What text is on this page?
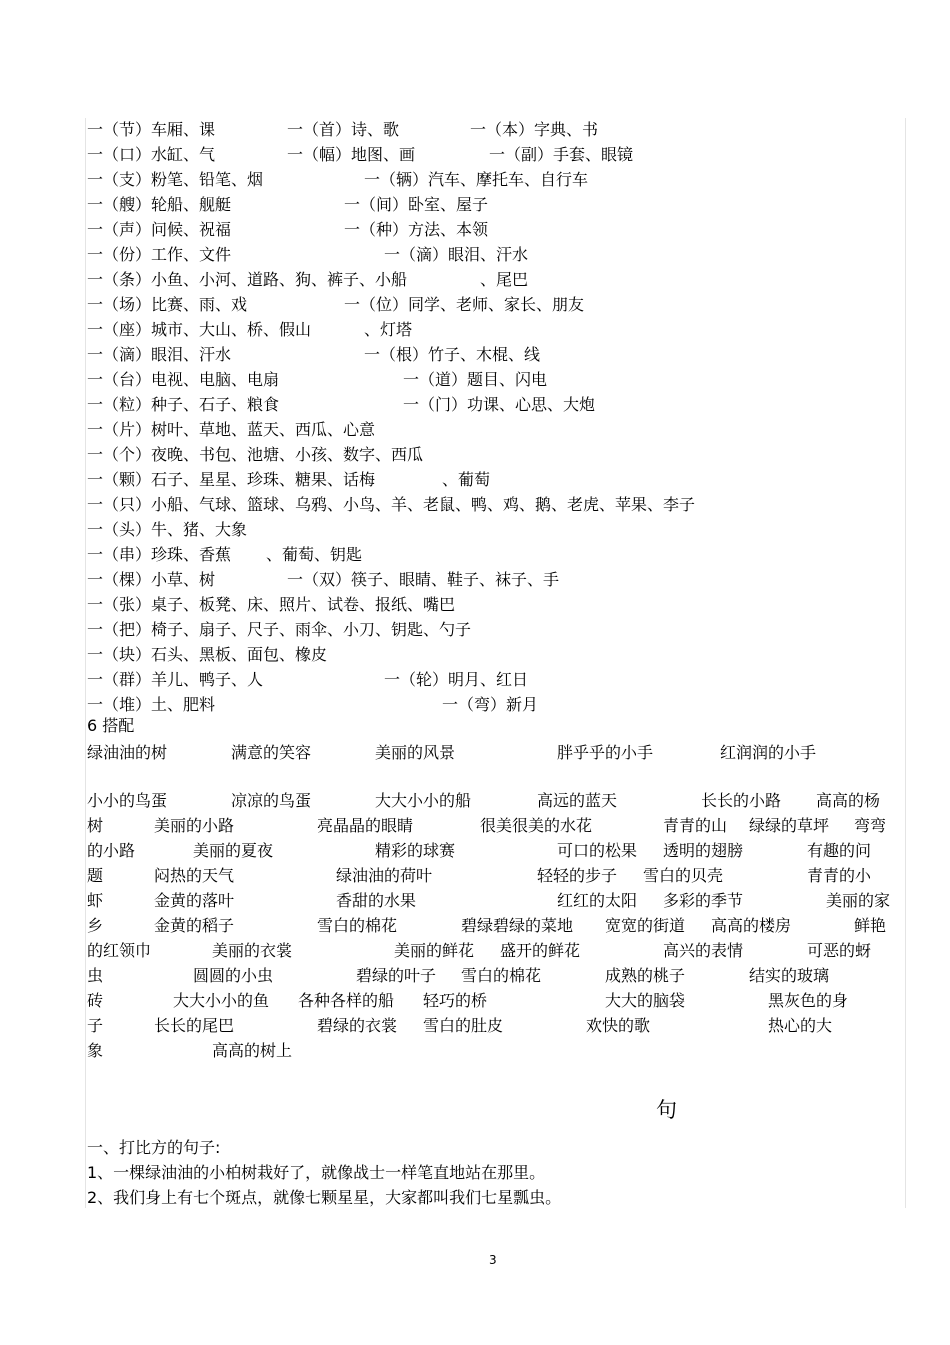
一（节）车厢、课	一（首）诗、歌	一（本）字典、书
一（口）水缸、气	一（幅）地图、画	一（副）手套、眼镜
一（支）粉笔、铅笔、烟	一（辆）汽车、摩托车、自行车
一（艘）轮船、舰艇	一（间）卧室、屋子
一（声）问候、祝福	一（种）方法、本领
一（份）工作、文件	一（滴）眼泪、汗水
一（条）小鱼、小河、道路、狗、裤子、小船	、尾巴
一（场）比赛、雨、戏	一（位）同学、老师、家长、朋友
一（座）城市、大山、桥、假山	、灯塔
一（滴）眼泪、汗水	一（根）竹子、木棍、线
一（台）电视、电脑、电扇	一（道）题目、闪电
一（粒）种子、石子、粮食	一（门）功课、心思、大炮
一（片）树叶、草地、蓝天、西瓜、心意
一（个）夜晚、书包、池塘、小孩、数字、西瓜
一（颗）石子、星星、珍珠、糖果、话梅	、葡萄
一（只）小船、气球、篮球、乌鸦、小鸟、羊、老鼠、鸭、鸡、鹅、老虎、苹果、李子
一（头）牛、猪、大象
一（串）珍珠、香蕉 、葡萄、钥匙
一（棵）小草、树	一（双）筷子、眼睛、鞋子、袜子、手
一（张）桌子、板凳、床、照片、试卷、报纸、嘴巴
一（把）椅子、扇子、尺子、雨伞、小刀、钥匙、勺子
一（块）石头、黑板、面包、橡皮
一（群）羊儿、鸭子、人	一（轮）明月、红日
一（堆）土、肥料	一（弯）新月
6 搭配
绿油油的树	满意的笑容	美丽的风景	胖乎乎的小手	红润润的小手
小小的鸟蛋	凉凉的鸟蛋	大大小小的船	高远的蓝天	长长的小路 高高的杨
树	美丽的小路	亮晶晶的眼睛	很美很美的水花	青青的山 绿绿的草坪 弯弯
的小路	美丽的夏夜	精彩的球赛	可口的松果 透明的翅膀	有趣的问
题	闷热的天气	绿油油的荷叶	轻轻的步子 雪白的贝壳	青青的小
虾	金黄的落叶	香甜的水果	红红的太阳 多彩的季节	美丽的家
乡	金黄的稻子	雪白的棉花	碧绿碧绿的菜地 宽宽的街道 高高的楼房	鲜艳
的红领巾	美丽的衣裳	美丽的鲜花 盛开的鲜花	高兴的表情	可恶的蚜
虫	圆圆的小虫	碧绿的叶子 雪白的棉花	成熟的桃子	结实的玻璃
砖	大大小小的鱼 各种各样的船 轻巧的桥	大大的脑袋	黑灰色的身
子	长长的尾巴	碧绿的衣裳 雪白的肚皮	欢快的歌	热心的大
象	高高的树上
句
一、打比方的句子:
1、一棵绿油油的小柏树栽好了，就像战士一样笔直地站在那里。
2、我们身上有七个斑点，就像七颗星星，大家都叫我们七星瓢虫。
3
